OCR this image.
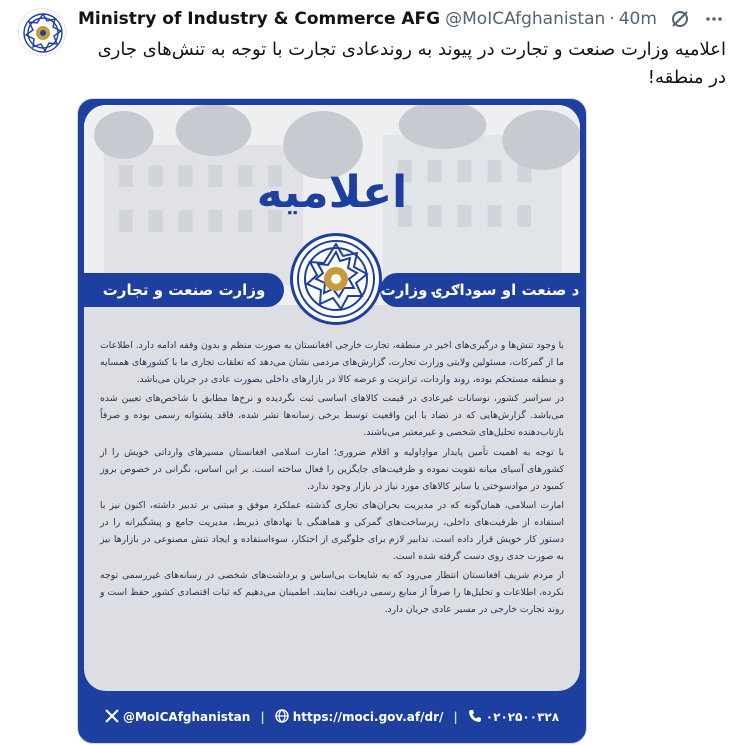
Ministry of Industry & Commerce AFG @MoICAfghanistan · 40m
اعلامیه وزارت صنعت و تجارت در پیوند به روندعادی تجارت با توجه به تنش‌های جاری در منطقه!
اعلامیه
وزارت صنعت و تجارت	د صنعت او سوداګرۍ وزارت

با وجود تنش‌ها و درگیری‌های اخیر در منطقه، تجارت خارجی افغانستان به صورت منظم و بدون وقفه ادامه دارد. اطلاعات ما از گمرکات، مسئولین ولایتی وزارت تجارت، گزارش‌های مردمی نشان می‌دهد که تعلقات تجاری ما با کشورهای همسایه و منطقه مستحکم بوده، روند واردات، ترانزیت و عرضه کالا در بازارهای داخلی بصورت عادی در جریان می‌باشد.

در سراسر کشور، نوسانات غیرعادی در قیمت کالاهای اساسی ثبت نگردیده و نرخ‌ها مطابق با شاخص‌های تعیین شده می‌باشد. گزارش‌هایی که در تضاد با این واقعیت توسط برخی رسانه‌ها نشر شده، فاقد پشتوانه رسمی بوده و صرفاً بازتاب‌دهنده تحلیل‌های شخصی و غیرمعتبر می‌باشند.

با توجه به اهمیت تأمین پایدار موادِاولیه و اقلام ضروری؛ امارت اسلامی افغانستان مسیرهای وارداتی خویش را از کشورهای آسیای میانه تقویت نموده و ظرفیت‌های جایگزین را فعال ساخته است. بر این اساس، نگرانی در خصوص بروز کمبود در موادسوختی یا سایر کالاهای مورد نیاز در بازار وجود ندارد.

امارت اسلامی، همان‌گونه که در مدیریت بحران‌های تجاری گذشته عملکرد موفق و مبتنی بر تدبیر داشته، اکنون نیز با استفاده از ظرفیت‌های داخلی، زیرساخت‌های گمرکی و هماهنگی با نهادهای ذیربط، مدیریت جامع و پیشگیرانه را در دستور کار خویش قرار داده است. تدابیر لازم برای جلوگیری از احتکار، سوءاستفاده و ایجاد تنش مصنوعی در بازارها نیز به صورت جدی روی دست گرفته شده است.

از مردم شریف افغانستان انتظار می‌رود که به شایعات بی‌اساس و برداشت‌های شخصی در رسانه‌های غیررسمی توجه نکرده، اطلاعات و تحلیل‌ها را صرفاً از منابع رسمی دریافت نمایند. اطمینان می‌دهیم که ثبات اقتصادی کشور حفظ است و روند تجارت خارجی در مسیر عادی جریان دارد.

@MoICAfghanistan | https://moci.gov.af/dr/ | ۰۲۰۲۵۰۰۳۲۸
